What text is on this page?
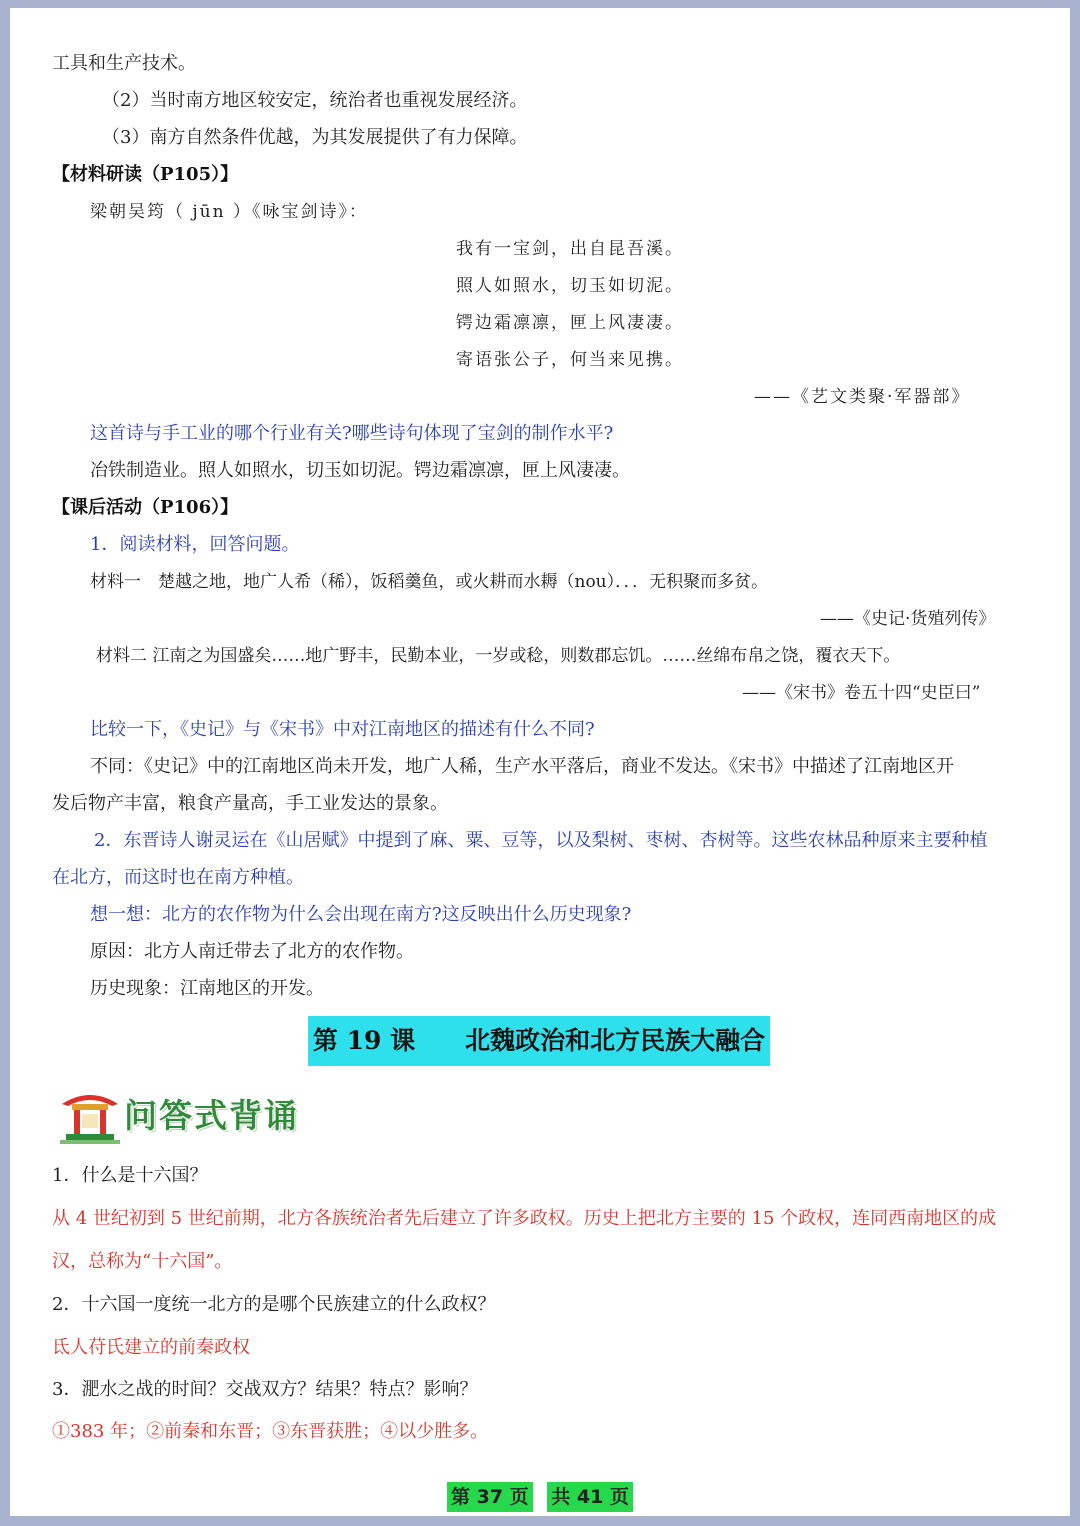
工具和生产技术。
（2）当时南方地区较安定，统治者也重视发展经济。
（3）南方自然条件优越，为其发展提供了有力保障。
【材料研读（P105）】
梁朝吴筠（ jūn ）《咏宝剑诗》：
我有一宝剑，出自昆吾溪。
照人如照水，切玉如切泥。
锷边霜凛凛，匣上风凄凄。
寄语张公子，何当来见携。
——《艺文类聚·军器部》
这首诗与手工业的哪个行业有关?哪些诗句体现了宝剑的制作水平?
冶铁制造业。照人如照水，切玉如切泥。锷边霜凛凛，匣上风凄凄。
【课后活动（P106）】
1．阅读材料，回答问题。
材料一　楚越之地，地广人希（稀），饭稻羹鱼，或火耕而水耨（nou）．．．无积聚而多贫。
——《史记·货殖列传》
材料二 江南之为国盛矣……地广野丰，民勤本业，一岁或稔，则数郡忘饥。……丝绵布帛之饶，覆衣天下。
——《宋书》卷五十四“史臣曰”
比较一下，《史记》与《宋书》中对江南地区的描述有什么不同?
不同：《史记》中的江南地区尚未开发，地广人稀，生产水平落后，商业不发达。《宋书》中描述了江南地区开
发后物产丰富，粮食产量高，手工业发达的景象。
2．东晋诗人谢灵运在《山居赋》中提到了麻、粟、豆等，以及梨树、枣树、杏树等。这些农林品种原来主要种植
在北方，而这时也在南方种植。
想一想：北方的农作物为什么会出现在南方?这反映出什么历史现象?
原因：北方人南迁带去了北方的农作物。
历史现象：江南地区的开发。
第 19 课　　北魏政治和北方民族大融合
问答式背诵
1．什么是十六国？
从 4 世纪初到 5 世纪前期，北方各族统治者先后建立了许多政权。历史上把北方主要的 15 个政权，连同西南地区的成
汉，总称为“十六国”。
2．十六国一度统一北方的是哪个民族建立的什么政权？
氐人苻氏建立的前秦政权
3．淝水之战的时间？交战双方？结果？特点？影响？
①383 年；②前秦和东晋；③东晋获胜；④以少胜多。
第 37 页 共 41 页
